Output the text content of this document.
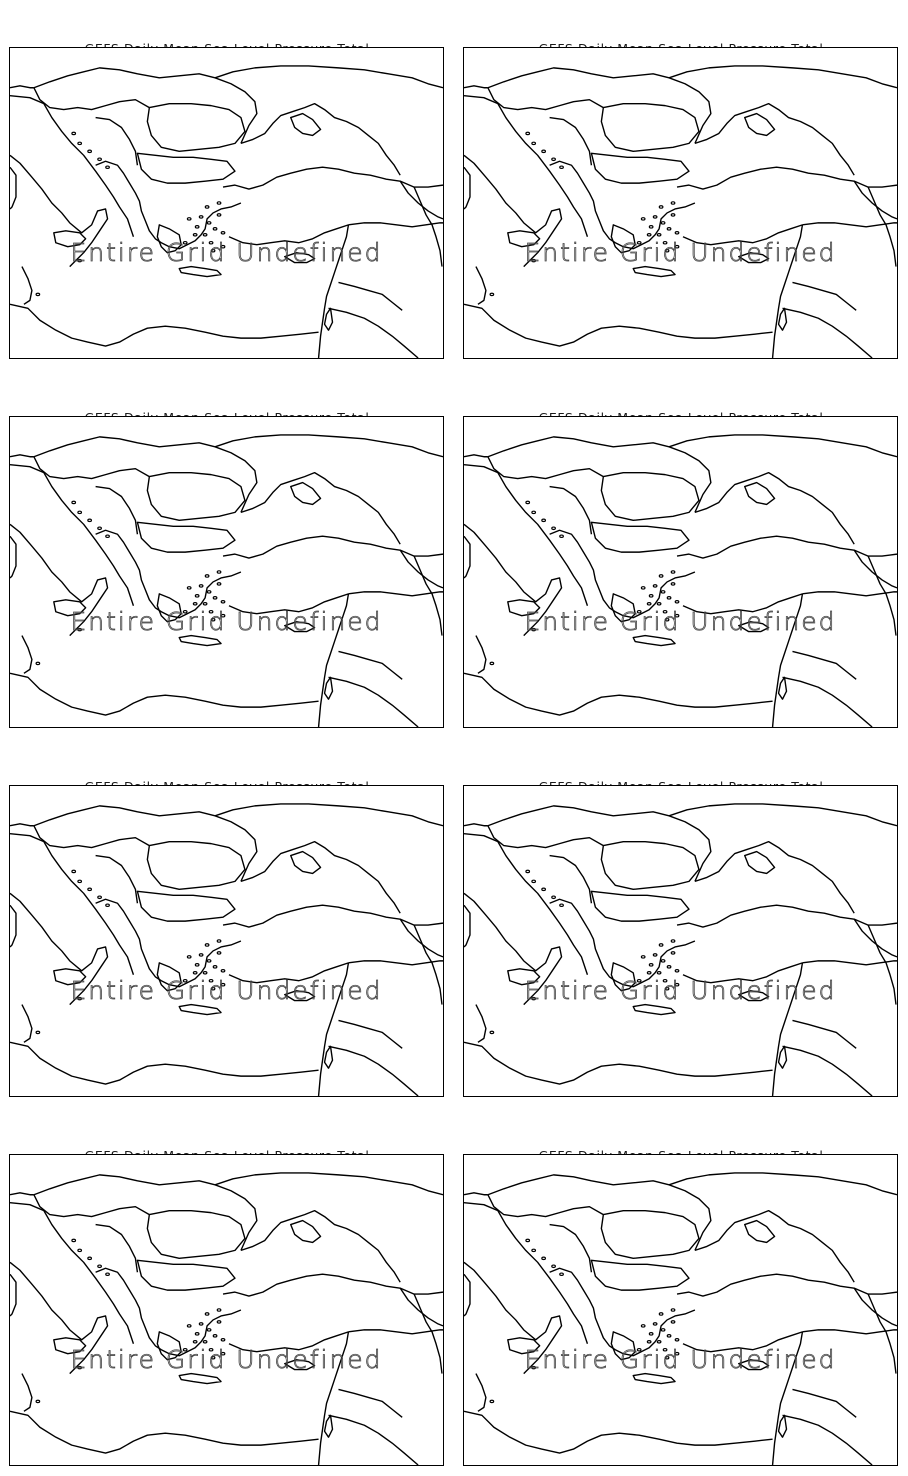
Entire Grid Undefined

	Entire Grid Undefined

Entire Grid Undefined

	Entire Grid Undefined

Entire Grid Undefined

	Entire Grid Undefined

Entire Grid Undefined

	Entire Grid Undefined
